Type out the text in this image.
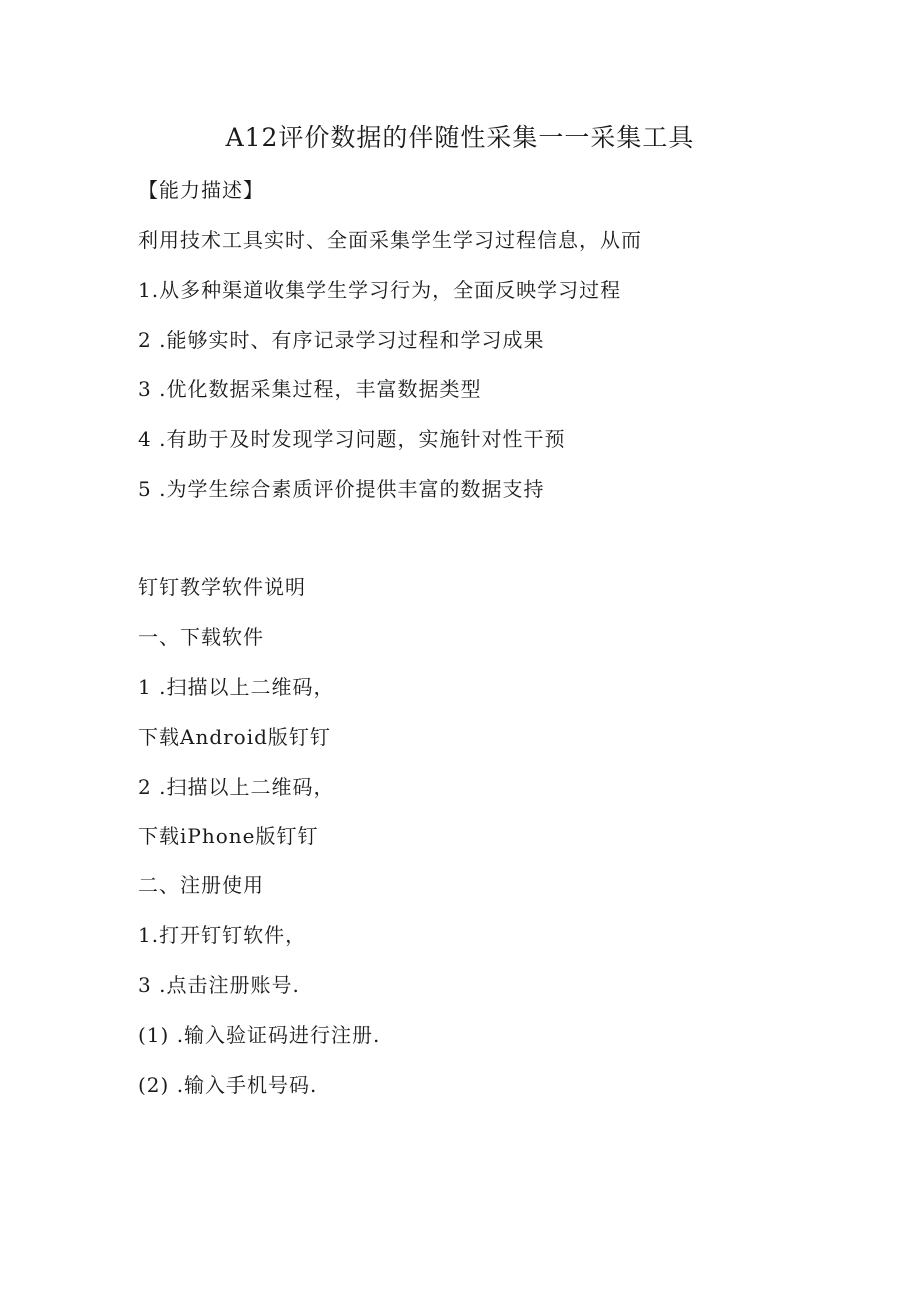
A12评价数据的伴随性采集一一采集工具

【能力描述】

利用技术工具实时、全面采集学生学习过程信息，从而

1.从多种渠道收集学生学习行为，全面反映学习过程

2 .能够实时、有序记录学习过程和学习成果

3 .优化数据采集过程，丰富数据类型

4 .有助于及时发现学习问题，实施针对性干预

5 .为学生综合素质评价提供丰富的数据支持

钉钉教学软件说明

一、下载软件

1 .扫描以上二维码，

下载Android版钉钉

2 .扫描以上二维码，

下载iPhone版钉钉

二、注册使用

1.打开钉钉软件，

3 .点击注册账号.

(1) .输入验证码进行注册.

(2) .输入手机号码.
